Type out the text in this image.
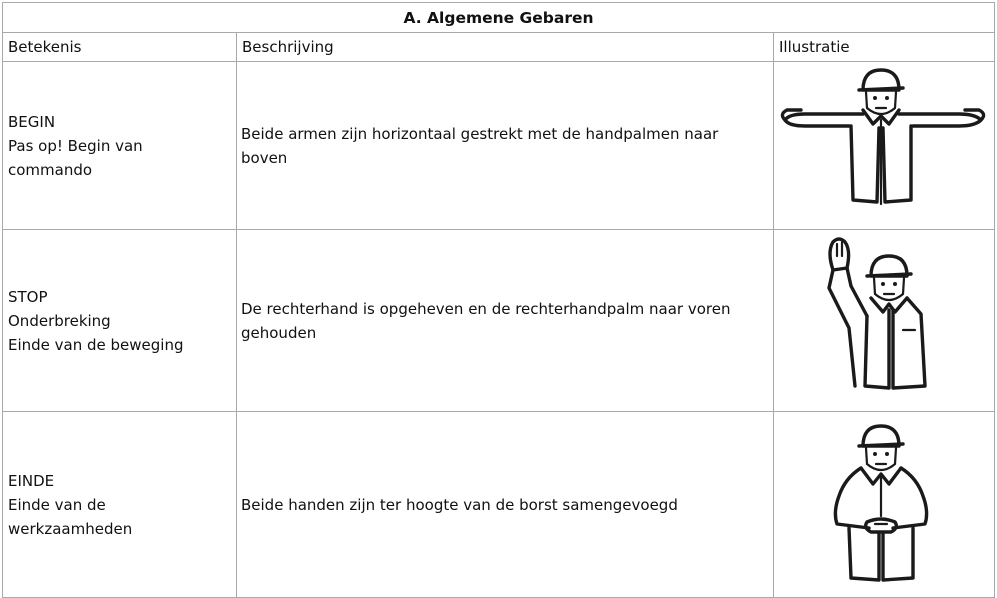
A. Algemene Gebaren		
Betekenis	Beschrijving	Illustratie

BEGIN
Pas op! Begin van
commando	Beide armen zijn horizontaal gestrekt met de handpalmen naar boven	

STOP
Onderbreking
Einde van de beweging	De rechterhand is opgeheven en de rechterhandpalm naar voren gehouden	

EINDE
Einde van de
werkzaamheden	Beide handen zijn ter hoogte van de borst samengevoegd	
